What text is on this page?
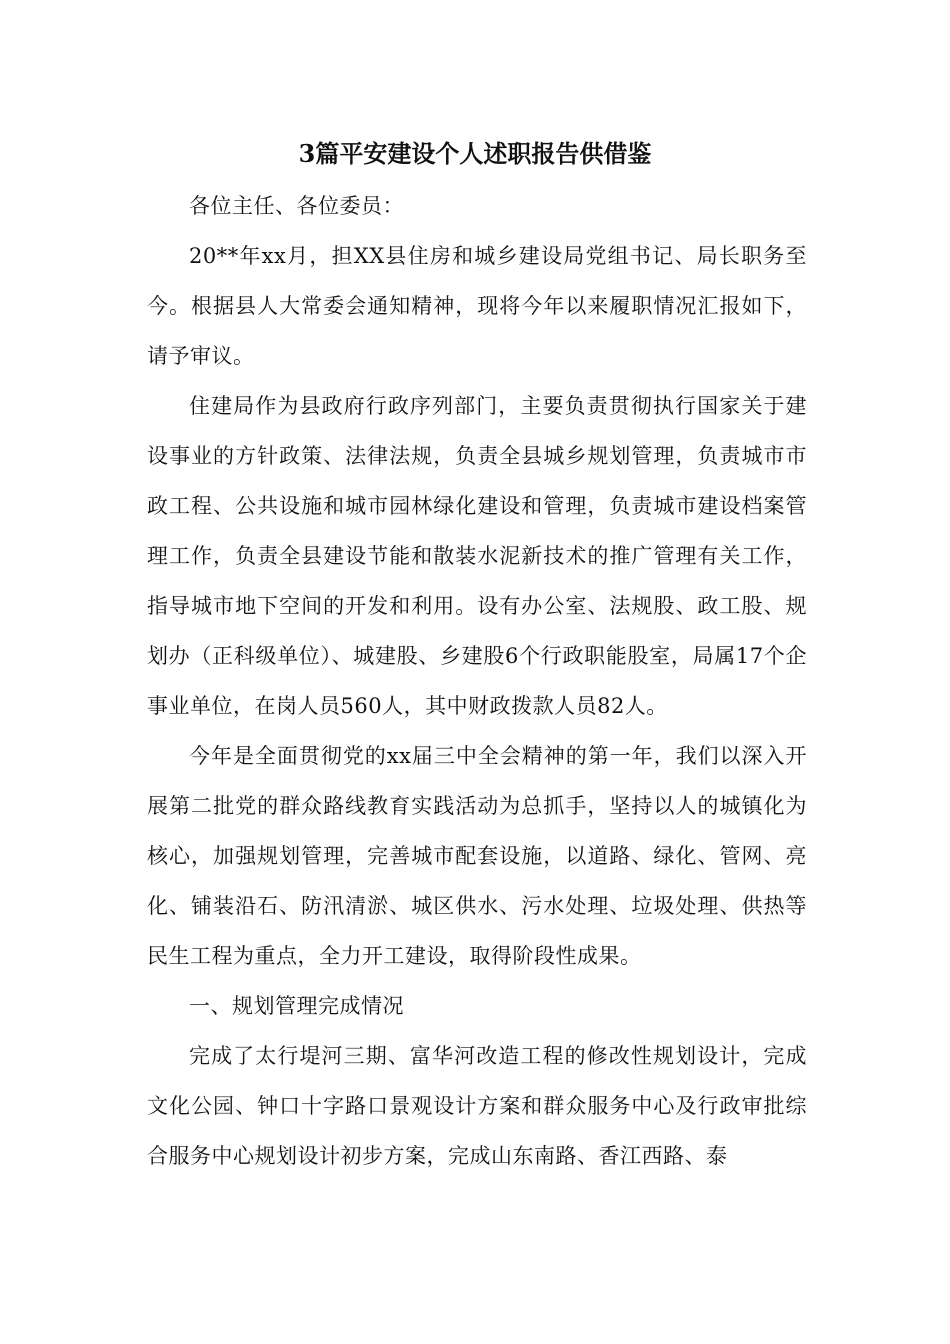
3篇平安建设个人述职报告供借鉴

各位主任、各位委员：

20**年xx月，担XX县住房和城乡建设局党组书记、局长职务至今。根据县人大常委会通知精神，现将今年以来履职情况汇报如下，请予审议。

住建局作为县政府行政序列部门，主要负责贯彻执行国家关于建设事业的方针政策、法律法规，负责全县城乡规划管理，负责城市市政工程、公共设施和城市园林绿化建设和管理，负责城市建设档案管理工作，负责全县建设节能和散装水泥新技术的推广管理有关工作，指导城市地下空间的开发和利用。设有办公室、法规股、政工股、规划办（正科级单位）、城建股、乡建股6个行政职能股室，局属17个企事业单位，在岗人员560人，其中财政拨款人员82人。

今年是全面贯彻党的xx届三中全会精神的第一年，我们以深入开展第二批党的群众路线教育实践活动为总抓手，坚持以人的城镇化为核心，加强规划管理，完善城市配套设施，以道路、绿化、管网、亮化、铺装沿石、防汛清淤、城区供水、污水处理、垃圾处理、供热等民生工程为重点，全力开工建设，取得阶段性成果。

一、规划管理完成情况

完成了太行堤河三期、富华河改造工程的修改性规划设计，完成文化公园、钟口十字路口景观设计方案和群众服务中心及行政审批综合服务中心规划设计初步方案，完成山东南路、香江西路、泰
